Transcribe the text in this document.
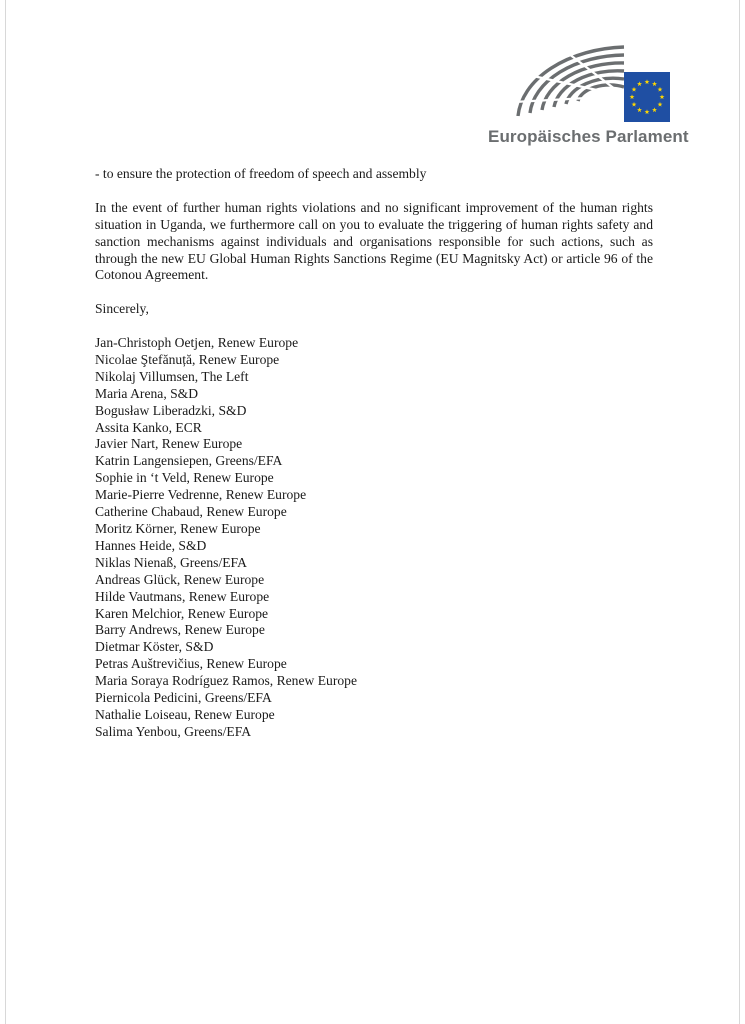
Europäisches Parlament

- to ensure the protection of freedom of speech and assembly

In the event of further human rights violations and no significant improvement of the human rights situation in Uganda, we furthermore call on you to evaluate the triggering of human rights safety and sanction mechanisms against individuals and organisations responsible for such actions, such as through the new EU Global Human Rights Sanctions Regime (EU Magnitsky Act) or article 96 of the Cotonou Agreement.

Sincerely,

Jan-Christoph Oetjen, Renew Europe
Nicolae Ştefănuță, Renew Europe
Nikolaj Villumsen, The Left
Maria Arena, S&D
Bogusław Liberadzki, S&D
Assita Kanko, ECR
Javier Nart, Renew Europe
Katrin Langensiepen, Greens/EFA
Sophie in ‘t Veld, Renew Europe
Marie-Pierre Vedrenne, Renew Europe
Catherine Chabaud, Renew Europe
Moritz Körner, Renew Europe
Hannes Heide, S&D
Niklas Nienaß, Greens/EFA
Andreas Glück, Renew Europe
Hilde Vautmans, Renew Europe
Karen Melchior, Renew Europe
Barry Andrews, Renew Europe
Dietmar Köster, S&D
Petras Auštrevičius, Renew Europe
Maria Soraya Rodríguez Ramos, Renew Europe
Piernicola Pedicini, Greens/EFA
Nathalie Loiseau, Renew Europe
Salima Yenbou, Greens/EFA
